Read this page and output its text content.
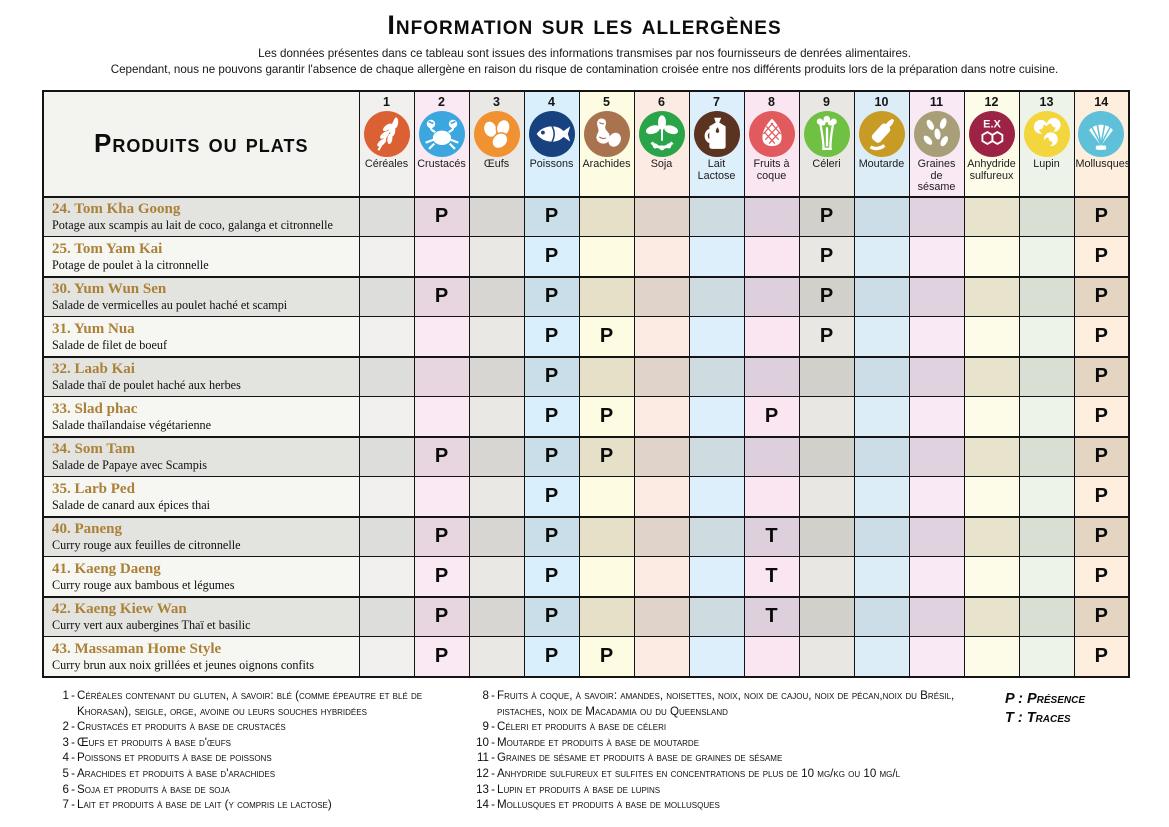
Information sur les allergènes
Les données présentes dans ce tableau sont issues des informations transmises par nos fournisseurs de denrées alimentaires.
Cependant, nous ne pouvons garantir l'absence de chaque allergène en raison du risque de contamination croisée entre nos différents produits lors de la préparation dans notre cuisine.
Produits ou plats	
1
Céréales

2
Crustacés

3
Œufs

4
Poissons

5
Arachides

6
Soja

7
Lait Lactose

8
Fruits à coque

9
Céleri

10
Moutarde

11
Graines de sésame

12
E.X
Anhydride sulfureux

13
Lupin

14
Mollusques

24. Tom Kha Goong
Potage aux scampis au lait de coco, galanga et citronnelle		P		P					P					P

25. Tom Yam Kai
Potage de poulet à la citronnelle				P					P					P

30. Yum Wun Sen
Salade de vermicelles au poulet haché et scampi		P		P					P					P

31. Yum Nua
Salade de filet de boeuf				P	P				P					P

32. Laab Kai
Salade thaï de poulet haché aux herbes				P										P

33. Slad phac
Salade thaïlandaise végétarienne				P	P			P						P

34. Som Tam
Salade de Papaye avec Scampis		P		P	P									P

35. Larb Ped
Salade de canard aux épices thai				P										P

40. Paneng
Curry rouge aux feuilles de citronnelle		P		P				T						P

41. Kaeng Daeng
Curry rouge aux bambous et légumes		P		P				T						P

42. Kaeng Kiew Wan
Curry vert aux aubergines Thaï et basilic		P		P				T						P

43. Massaman Home Style
Curry brun aux noix grillées et jeunes oignons confits		P		P	P									P
1 - Céréales contenant du gluten, à savoir: blé (comme épeautre et blé de Khorasan), seigle, orge, avoine ou leurs souches hybridées
2 - Crustacés et produits à base de crustacés
3 - Œufs et produits à base d'œufs
4 - Poissons et produits à base de poissons
5 - Arachides et produits à base d'arachides
6 - Soja et produits à base de soja
7 - Lait et produits à base de lait (y compris le lactose)
8 - Fruits à coque, à savoir: amandes, noisettes, noix, noix de cajou, noix de pécan,noix du Brésil, pistaches, noix de Macadamia ou du Queensland
9 - Céleri et produits à base de céleri
10 - Moutarde et produits à base de moutarde
11 - Graines de sésame et produits à base de graines de sésame
12 - Anhydride sulfureux et sulfites en concentrations de plus de 10 mg/kg ou 10 mg/l
13 - Lupin et produits à base de lupins
14 - Mollusques et produits à base de mollusques
P : Présence
T : Traces
